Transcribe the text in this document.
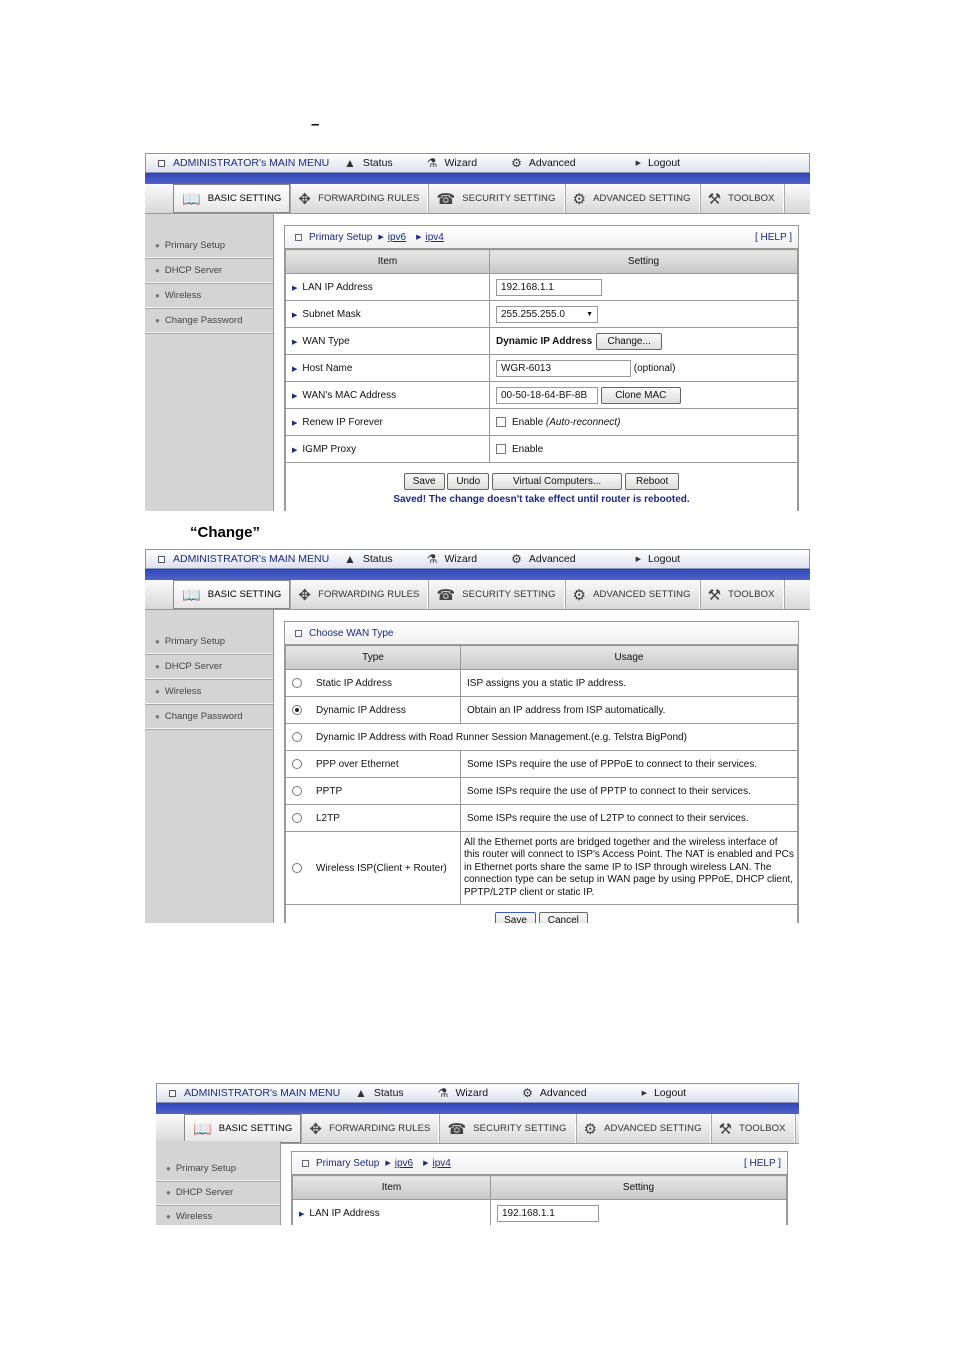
–
“Change”
ADMINISTRATOR's MAIN MENU ▲ Status	⚗ Wizard	⚙ Advanced	▶ Logout
📖 BASIC SETTING ✥ FORWARDING RULES ☎ SECURITY SETTING ⚙ ADVANCED SETTING ⚒ TOOLBOX
● Primary Setup
● DHCP Server
● Wireless
● Change Password
Primary Setup ▶ ipv6 ▶ ipv4	[ HELP ]
Item	Setting
▶ LAN IP Address	192.168.1.1
▶ Subnet Mask	255.255.255.0 ▼

▶ WAN Type	Dynamic IP Address Change...
▶ Host Name	WGR-6013 (optional)
▶ WAN's MAC Address	00-50-18-64-BF-8B Clone MAC
▶ Renew IP Forever	Enable (Auto-reconnect)
▶ IGMP Proxy	Enable

Save Undo Virtual Computers... Reboot
Saved! The change doesn't take effect until router is rebooted.	
ADMINISTRATOR's MAIN MENU ▲ Status	⚗ Wizard	⚙ Advanced	▶ Logout
📖 BASIC SETTING ✥ FORWARDING RULES ☎ SECURITY SETTING ⚙ ADVANCED SETTING ⚒ TOOLBOX
● Primary Setup
● DHCP Server
● Wireless
● Change Password
Choose WAN Type
Type	Usage
Static IP Address	ISP assigns you a static IP address.
Dynamic IP Address	Obtain an IP address from ISP automatically.
Dynamic IP Address with Road Runner Session Management.(e.g. Telstra BigPond)	
PPP over Ethernet	Some ISPs require the use of PPPoE to connect to their services.
PPTP	Some ISPs require the use of PPTP to connect to their services.
L2TP	Some ISPs require the use of L2TP to connect to their services.
Wireless ISP(Client + Router)	All the Ethernet ports are bridged together and the wireless interface of this router will connect to ISP's Access Point. The NAT is enabled and PCs in Ethernet ports share the same IP to ISP through wireless LAN. The connection type can be setup in WAN page by using PPPoE, DHCP client, PPTP/L2TP client or static IP.
Save Cancel	
ADMINISTRATOR's MAIN MENU ▲ Status	⚗ Wizard	⚙ Advanced	▶ Logout
📖 BASIC SETTING ✥ FORWARDING RULES ☎ SECURITY SETTING ⚙ ADVANCED SETTING ⚒ TOOLBOX
● Primary Setup
● DHCP Server
● Wireless
Primary Setup ▶ ipv6 ▶ ipv4	[ HELP ]
Item	Setting
▶ LAN IP Address	192.168.1.1
